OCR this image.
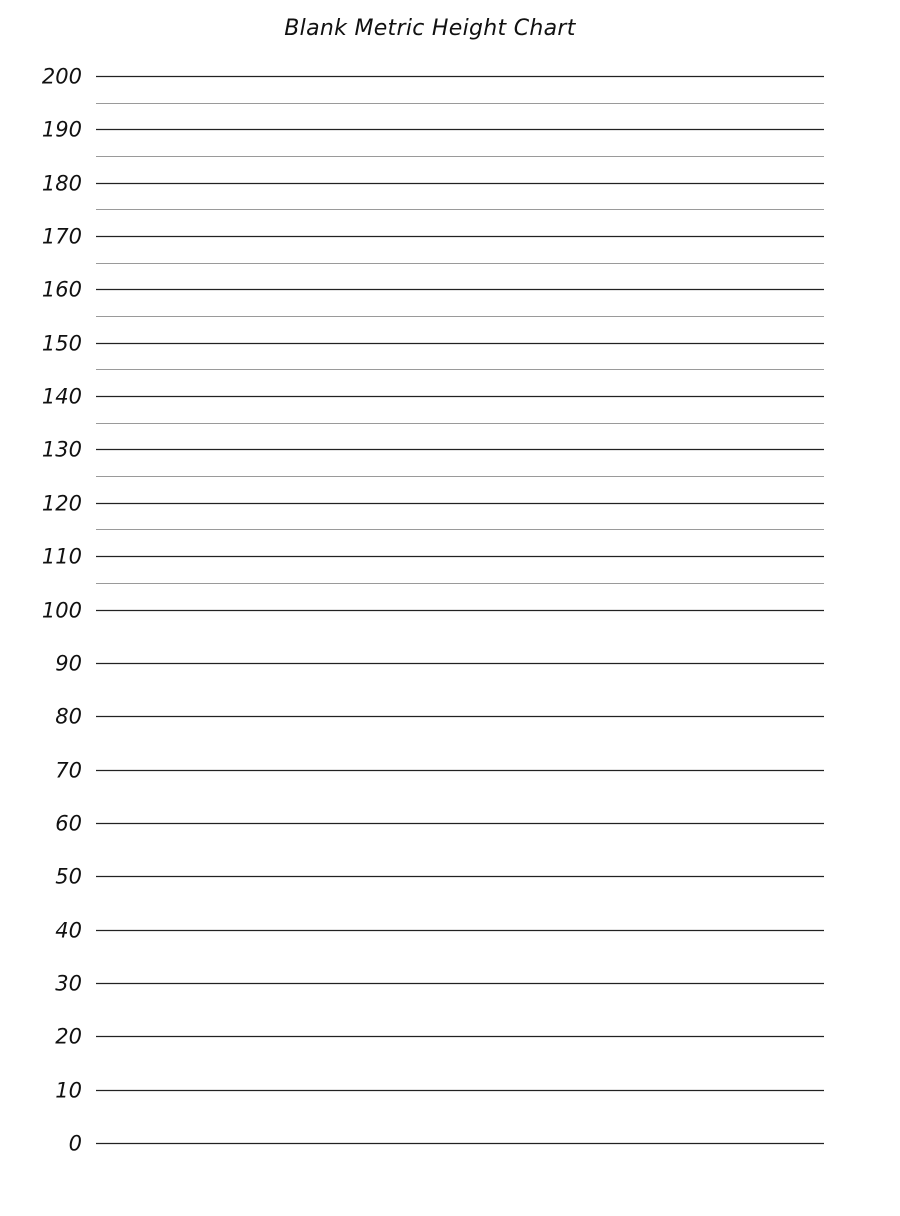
Blank Metric Height Chart
200
190
180
170
160
150
140
130
120
110
100
90
80
70
60
50
40
30
20
10
0
